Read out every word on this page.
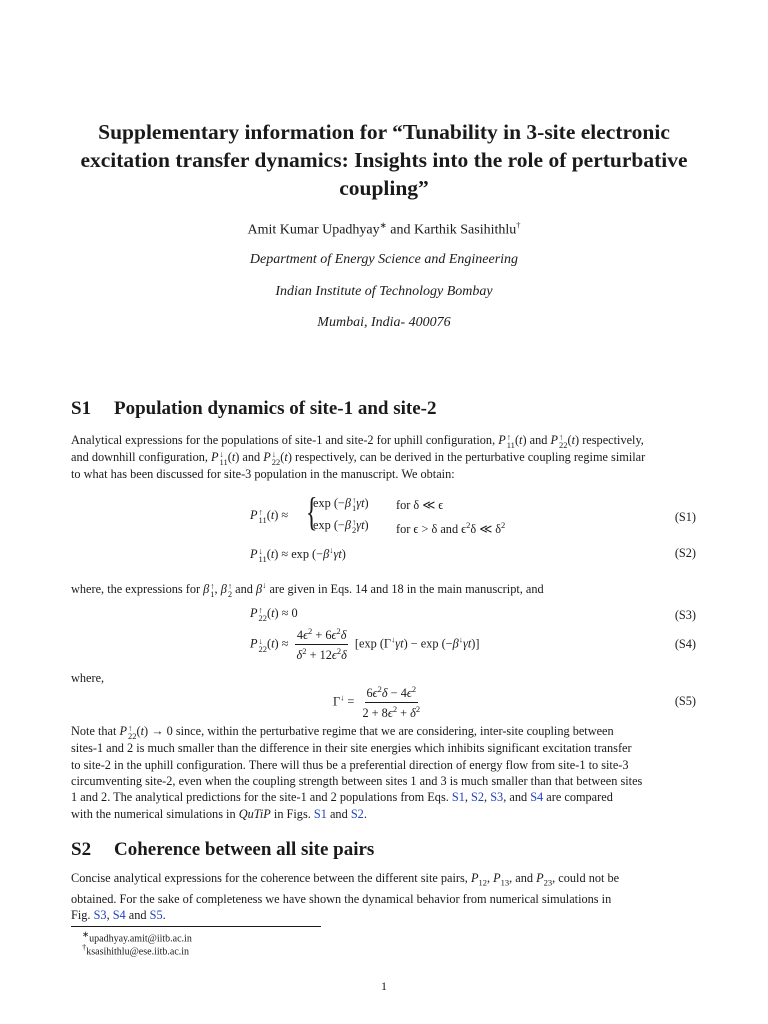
Supplementary information for “Tunability in 3-site electronic excitation transfer dynamics: Insights into the role of perturbative coupling”
Amit Kumar Upadhyay∗ and Karthik Sasihithlu†
Department of Energy Science and Engineering
Indian Institute of Technology Bombay
Mumbai, India- 400076
S1 Population dynamics of site-1 and site-2
Analytical expressions for the populations of site-1 and site-2 for uphill configuration, P ↑
11 (t) and P ↑
22 (t) respectively,
and downhill configuration, P ↓
11 (t) and P ↓
22 (t) respectively, can be derived in the perturbative coupling regime similar
to what has been discussed for site-3 population in the manuscript. We obtain:
P ↑
11 (t) ≈ {
exp (−β ↑
1 γt)
exp (−β ↑
2 γt)
for δ ≪ ϵ
for ϵ > δ and $\epsilon^2\delta$ ≪ $\delta^2$
(S1)
P ↓
11 (t) ≈ exp (−β↓γt)	(S2)
where, the expressions for β ↑
1 , β ↑
2 and β↓ are given in Eqs. 14 and 18 in the main manuscript, and
P ↑
22 (t) ≈ 0	(S3)
P ↓
22 $(t) \approx \frac{4\epsilon^2 + 6\epsilon^2\delta}{\delta^2 + 12\epsilon^2\delta} [\exp$ (Γ↓γt) − exp (−β↓γt)]	(S4)
where,
$\Gamma^↓ = \frac{6\epsilon^2\delta - 4\epsilon^2}{2 + 8\epsilon^2 + \delta^2}$	(S5)
Note that P ↑
22 (t) → 0 since, within the perturbative regime that we are considering, inter-site coupling between
sites-1 and 2 is much smaller than the difference in their site energies which inhibits significant excitation transfer
to site-2 in the uphill configuration. There will thus be a preferential direction of energy flow from site-1 to site-3
circumventing site-2, even when the coupling strength between sites 1 and 3 is much smaller than that between sites
1 and 2. The analytical predictions for the site-1 and 2 populations from Eqs. S1, S2, S3, and S4 are compared
with the numerical simulations in QuTiP in Figs. S1 and S2.
S2 Coherence between all site pairs
Concise analytical expressions for the coherence between the different site pairs, $P_{12}$, $P_{13}$, and $P_{23}$, could not be
obtained. For the sake of completeness we have shown the dynamical behavior from numerical simulations in
Fig. S3, S4 and S5.
∗upadhyay.amit@iitb.ac.in
†ksasihithlu@ese.iitb.ac.in
1
